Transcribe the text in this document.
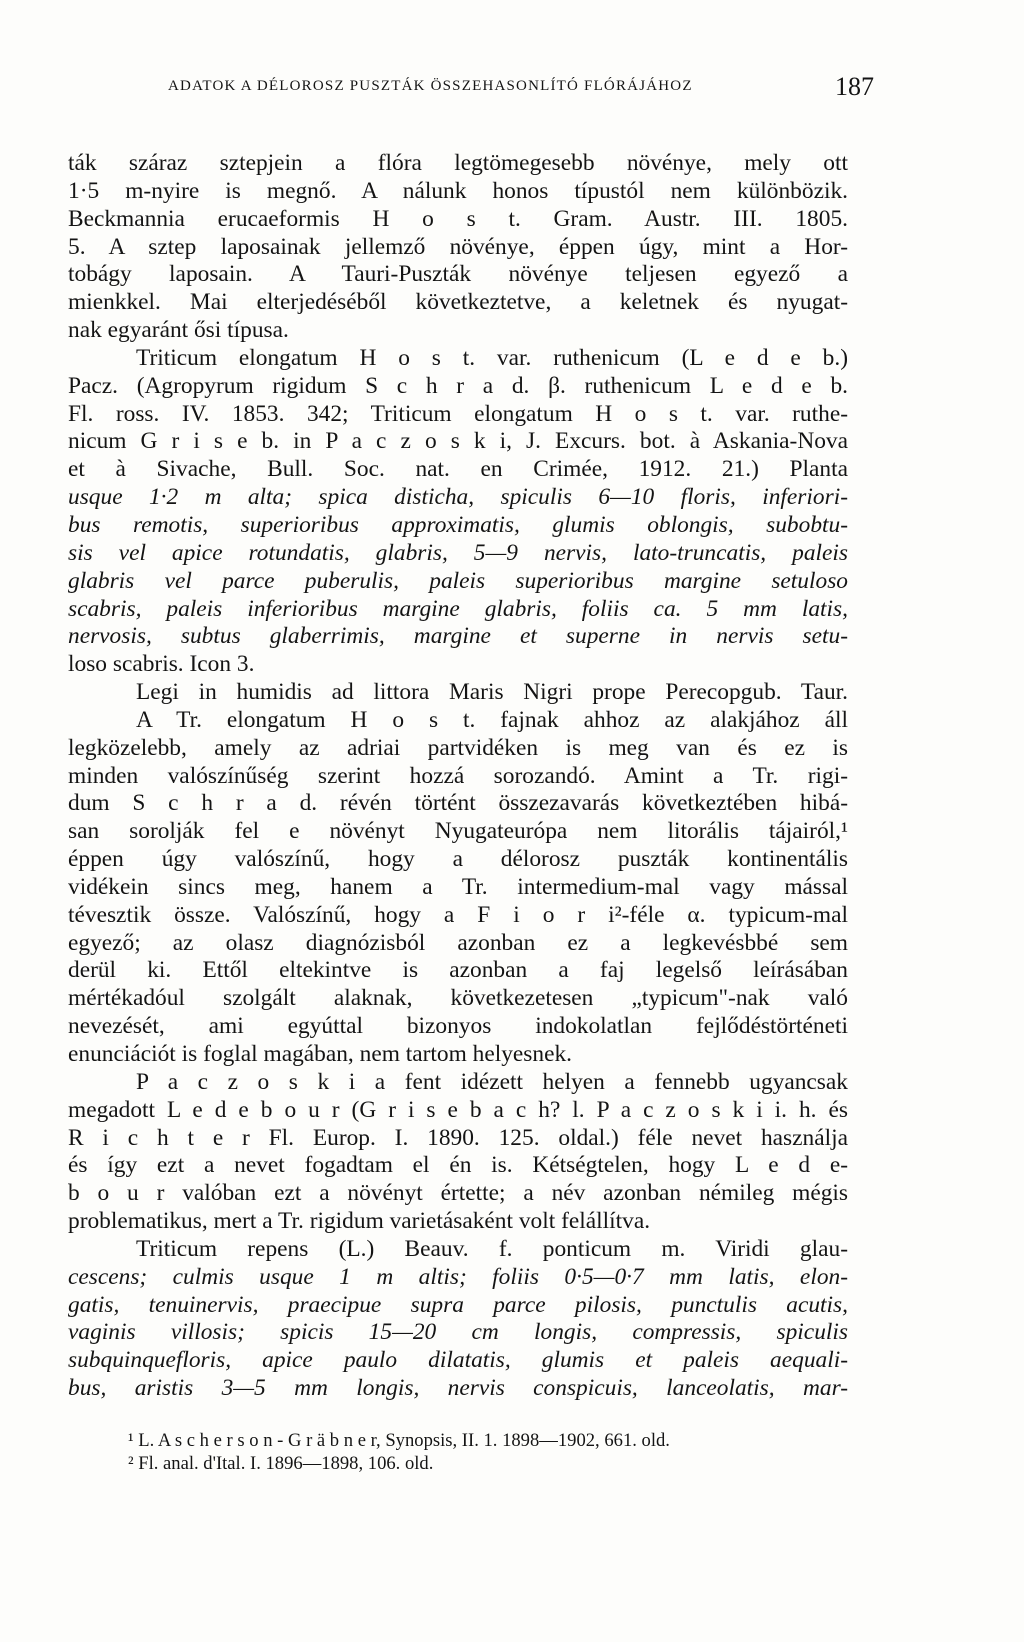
ADATOK A DÉLOROSZ PUSZTÁK ÖSSZEHASONLÍTÓ FLÓRÁJÁHOZ	187
ták száraz sztepjein a flóra legtömegesebb növénye, mely ott
1·5 m-nyire is megnő. A nálunk honos típustól nem különbözik.
Beckmannia erucaeformis H o s t. Gram. Austr. III. 1805.
5. A sztep laposainak jellemző növénye, éppen úgy, mint a Hor-
tobágy laposain. A Tauri-Puszták növénye teljesen egyező a
mienkkel. Mai elterjedéséből következtetve, a keletnek és nyugat-
nak egyaránt ősi típusa.
Triticum elongatum H o s t. var. ruthenicum (L e d e b.)
Pacz. (Agropyrum rigidum S c h r a d. β. ruthenicum L e d e b.
Fl. ross. IV. 1853. 342; Triticum elongatum H o s t. var. ruthe-
nicum G r i s e b. in P a c z o s k i, J. Excurs. bot. à Askania-Nova
et à Sivache, Bull. Soc. nat. en Crimée, 1912. 21.) Planta
usque 1·2 m alta; spica disticha, spiculis 6—10 floris, inferiori-
bus remotis, superioribus approximatis, glumis oblongis, subobtu-
sis vel apice rotundatis, glabris, 5—9 nervis, lato-truncatis, paleis
glabris vel parce puberulis, paleis superioribus margine setuloso
scabris, paleis inferioribus margine glabris, foliis ca. 5 mm latis,
nervosis, subtus glaberrimis, margine et superne in nervis setu-
loso scabris. Icon 3.
Legi in humidis ad littora Maris Nigri prope Perecopgub. Taur.
A Tr. elongatum H o s t. fajnak ahhoz az alakjához áll
legközelebb, amely az adriai partvidéken is meg van és ez is
minden valószínűség szerint hozzá sorozandó. Amint a Tr. rigi-
dum S c h r a d. révén történt összezavarás következtében hibá-
san sorolják fel e növényt Nyugateurópa nem litorális tájairól,¹
éppen úgy valószínű, hogy a délorosz puszták kontinentális
vidékein sincs meg, hanem a Tr. intermedium-mal vagy mással
tévesztik össze. Valószínű, hogy a F i o r i²-féle α. typicum-mal
egyező; az olasz diagnózisból azonban ez a legkevésbbé sem
derül ki. Ettől eltekintve is azonban a faj legelső leírásában
mértékadóul szolgált alaknak, következetesen „typicum"-nak való
nevezését, ami egyúttal bizonyos indokolatlan fejlődéstörténeti
enunciációt is foglal magában, nem tartom helyesnek.
P a c z o s k i a fent idézett helyen a fennebb ugyancsak
megadott L e d e b o u r (G r i s e b a c h? l. P a c z o s k i i. h. és
R i c h t e r Fl. Europ. I. 1890. 125. oldal.) féle nevet használja
és így ezt a nevet fogadtam el én is. Kétségtelen, hogy L e d e-
b o u r valóban ezt a növényt értette; a név azonban némileg mégis
problematikus, mert a Tr. rigidum varietásaként volt felállítva.
Triticum repens (L.) Beauv. f. ponticum m. Viridi glau-
cescens; culmis usque 1 m altis; foliis 0·5—0·7 mm latis, elon-
gatis, tenuinervis, praecipue supra parce pilosis, punctulis acutis,
vaginis villosis; spicis 15—20 cm longis, compressis, spiculis
subquinquefloris, apice paulo dilatatis, glumis et paleis aequali-
bus, aristis 3—5 mm longis, nervis conspicuis, lanceolatis, mar-
¹ L. A s c h e r s o n - G r ä b n e r, Synopsis, II. 1. 1898—1902, 661. old.
² Fl. anal. d'Ital. I. 1896—1898, 106. old.
